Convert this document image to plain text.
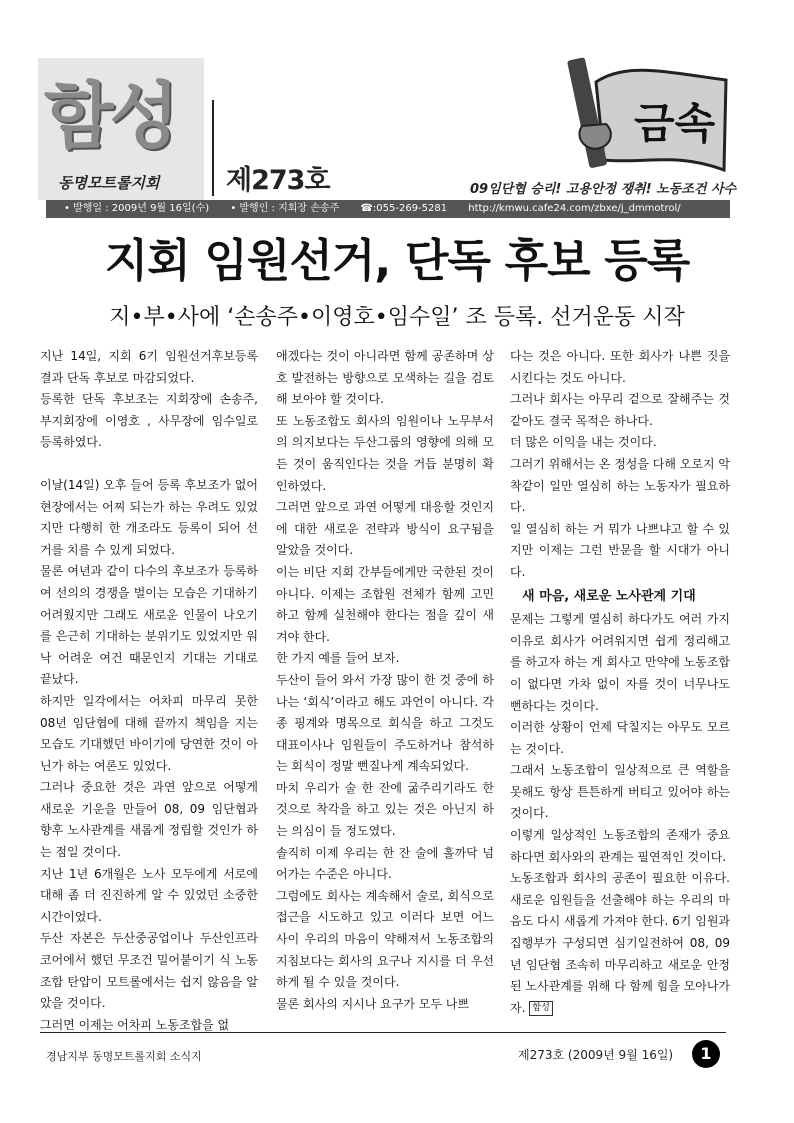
함성
동명모트롤지회 제273호
금속
09임단협 승리! 고용안정 쟁취! 노동조건 사수
• 발행일 : 2009년 9월 16일(수) • 발행인 : 지회장 손송주 ☎:055-269-5281 http://kmwu.cafe24.com/zbxe/j_dmmotrol/
지회 임원선거, 단독 후보 등록
지•부•사에 ‘손송주•이영호•임수일’ 조 등록. 선거운동 시작

지난 14일, 지회 6기 임원선거후보등록 결과 단독 후보로 마감되었다.

등록한 단독 후보조는 지회장에 손송주, 부지회장에 이영호 , 사무장에 임수일로 등록하였다.

이날(14일) 오후 들어 등록 후보조가 없어 현장에서는 어찌 되는가 하는 우려도 있었지만 다행히 한 개조라도 등록이 되어 선거를 치를 수 있게 되었다.

물론 여년과 같이 다수의 후보조가 등록하여 선의의 경쟁을 벌이는 모습은 기대하기 어려웠지만 그래도 새로운 인물이 나오기를 은근히 기대하는 분위기도 있었지만 워낙 어려운 여건 때문인지 기대는 기대로 끝났다.

하지만 일각에서는 어차피 마무리 못한 08년 임단협에 대해 끝까지 책임을 지는 모습도 기대했던 바이기에 당연한 것이 아닌가 하는 여론도 있었다.

그러나 중요한 것은 과연 앞으로 어떻게 새로운 기운을 만들어 08, 09 임단협과 향후 노사관계를 새롭게 정립할 것인가 하는 점일 것이다.

지난 1년 6개월은 노사 모두에게 서로에 대해 좀 더 진진하게 알 수 있었던 소중한 시간이었다.

두산 자본은 두산중공업이나 두산인프라코어에서 했던 무조건 밀어붙이기 식 노동조합 탄압이 모트롤에서는 쉽지 않음을 알았을 것이다.

그러면 이제는 어차피 노동조합을 없

애겠다는 것이 아니라면 함께 공존하며 상호 발전하는 방향으로 모색하는 길을 검토해 보아야 할 것이다.

또 노동조합도 회사의 임원이나 노무부서의 의지보다는 두산그룹의 영향에 의해 모든 것이 움직인다는 것을 거듭 분명히 확인하였다.

그러면 앞으로 과연 어떻게 대응할 것인지에 대한 새로운 전략과 방식이 요구됨을 알았을 것이다.

이는 비단 지회 간부들에게만 국한된 것이 아니다. 이제는 조합원 전체가 함께 고민하고 함께 실천해야 한다는 점을 깊이 새겨야 한다.

한 가지 예를 들어 보자.

두산이 들어 와서 가장 많이 한 것 중에 하나는 ‘회식’이라고 해도 과언이 아니다. 각종 핑계와 명목으로 회식을 하고 그것도 대표이사나 임원들이 주도하거나 참석하는 회식이 정말 뻔질나게 계속되었다.

마치 우리가 술 한 잔에 굶주리기라도 한 것으로 착각을 하고 있는 것은 아닌지 하는 의심이 들 정도였다.

솔직히 이제 우리는 한 잔 술에 홀까닥 넘어가는 수준은 아니다.

그럼에도 회사는 계속해서 술로, 회식으로 접근을 시도하고 있고 이러다 보면 어느 사이 우리의 마음이 약해져서 노동조합의 지침보다는 회사의 요구나 지시를 더 우선하게 될 수 있을 것이다.

물론 회사의 지시나 요구가 모두 나쁘

다는 것은 아니다. 또한 회사가 나쁜 짓을 시킨다는 것도 아니다.

그러나 회사는 아무리 겉으로 잘해주는 것 같아도 결국 목적은 하나다.

더 많은 이익을 내는 것이다.

그러기 위해서는 온 정성을 다해 오로지 악착같이 일만 열심히 하는 노동자가 필요하다.

일 열심히 하는 거 뭐가 나쁘냐고 할 수 있지만 이제는 그런 반문을 할 시대가 아니다.

새 마음, 새로운 노사관계 기대

문제는 그렇게 열심히 하다가도 여러 가지 이유로 회사가 어려워지면 쉽게 정리해고를 하고자 하는 게 회사고 만약에 노동조합이 없다면 가차 없이 자를 것이 너무나도 뻔하다는 것이다.

이러한 상황이 언제 닥칠지는 아무도 모르는 것이다.

그래서 노동조합이 일상적으로 큰 역할을 못해도 항상 튼튼하게 버티고 있어야 하는 것이다.

이렇게 일상적인 노동조합의 존재가 중요하다면 회사와의 관계는 필연적인 것이다.

노동조합과 회사의 공존이 필요한 이유다. 새로운 임원들을 선출해야 하는 우리의 마음도 다시 새롭게 가져야 한다. 6기 임원과 집행부가 구성되면 심기일전하여 08, 09년 임단협 조속히 마무리하고 새로운 안정된 노사관계를 위해 다 함께 힘을 모아나가자. 함성

경남지부 동명모트롤지회 소식지	제273호 (2009년 9월 16일)	1
